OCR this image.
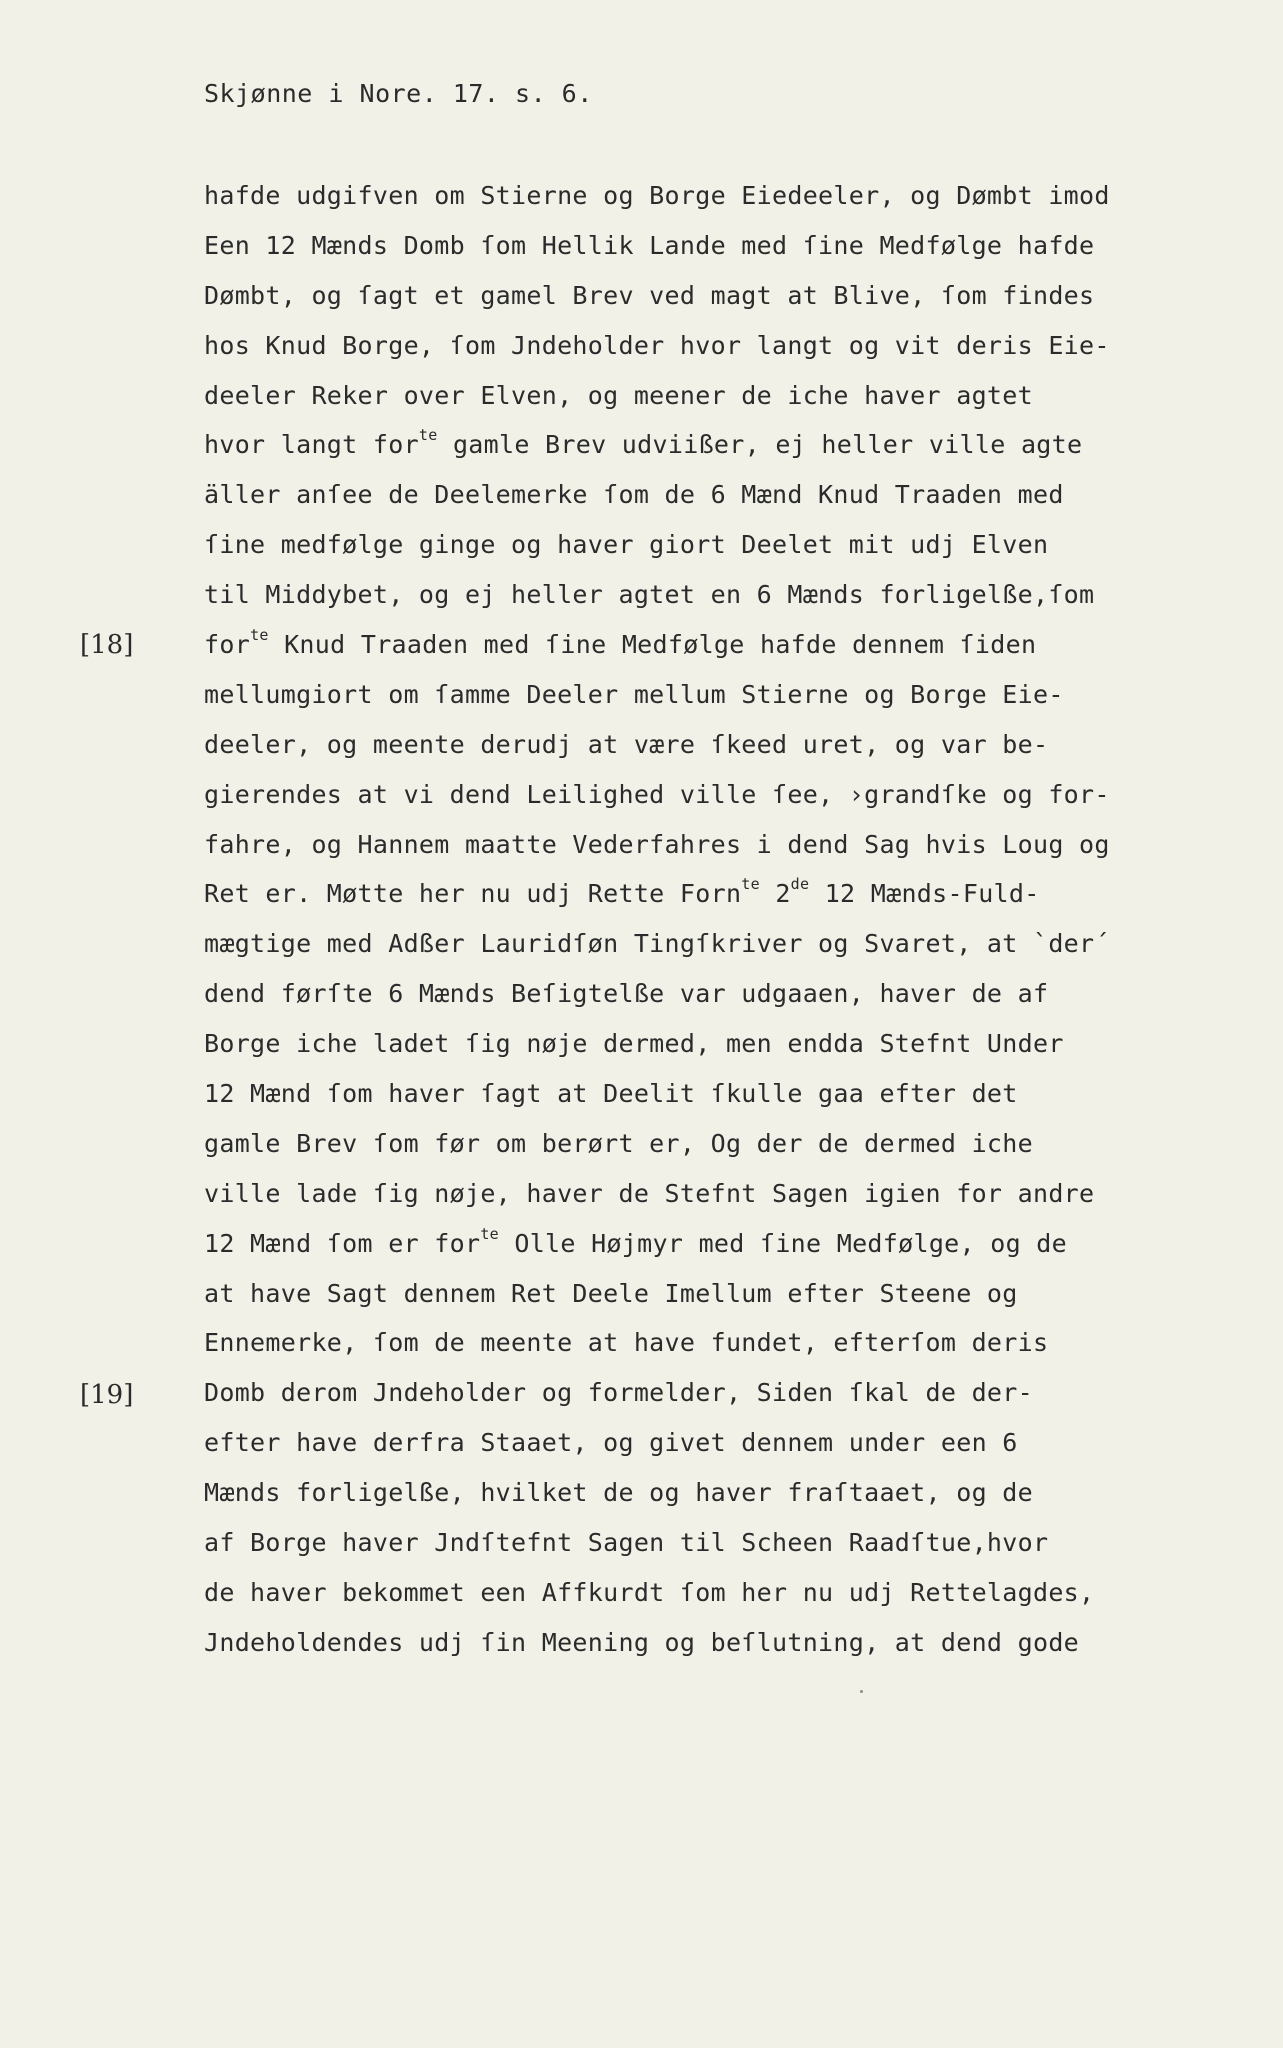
Skjønne i Nore. 17. s. 6.
[18]
[19]
hafde udgifven om Stierne og Borge Eiedeeler, og Dømbt imod
Een 12 Mænds Domb ſom Hellik Lande med ſine Medfølge hafde
Dømbt, og ſagt et gamel Brev ved magt at Blive, ſom findes
hos Knud Borge, ſom Jndeholder hvor langt og vit deris Eie-
deeler Reker over Elven, og meener de iche haver agtet
hvor langt for$^{te}$ gamle Brev udviißer, ej heller ville agte
äller anſee de Deelemerke ſom de 6 Mænd Knud Traaden med
ſine medfølge ginge og haver giort Deelet mit udj Elven
til Middybet, og ej heller agtet en 6 Mænds forligelße,ſom
for$^{te}$ Knud Traaden med ſine Medfølge hafde dennem ſiden
mellumgiort om ſamme Deeler mellum Stierne og Borge Eie-
deeler, og meente derudj at være ſkeed uret, og var be-
gierendes at vi dend Leilighed ville ſee, ›grandſke og for-
fahre, og Hannem maatte Vederfahres i dend Sag hvis Loug og
Ret er. Møtte her nu udj Rette Forn$^{te}$ 2de 12 Mænds-Fuld-
mægtige med Adßer Lauridſøn Tingſkriver og Svaret, at `der´
dend førſte 6 Mænds Beſigtelße var udgaaen, haver de af
Borge iche ladet ſig nøje dermed, men endda Stefnt Under
12 Mænd ſom haver ſagt at Deelit ſkulle gaa efter det
gamle Brev ſom før om berørt er, Og der de dermed iche
ville lade ſig nøje, haver de Stefnt Sagen igien for andre
12 Mænd ſom er for$^{te}$ Olle Højmyr med ſine Medfølge, og de
at have Sagt dennem Ret Deele Imellum efter Steene og
Ennemerke, ſom de meente at have fundet, efterſom deris
Domb derom Jndeholder og formelder, Siden ſkal de der-
efter have derfra Staaet, og givet dennem under een 6
Mænds forligelße, hvilket de og haver fraſtaaet, og de
af Borge haver Jndſtefnt Sagen til Scheen Raadſtue,hvor
de haver bekommet een Affkurdt ſom her nu udj Rettelagdes,
Jndeholdendes udj ſin Meening og beſlutning, at dend gode
